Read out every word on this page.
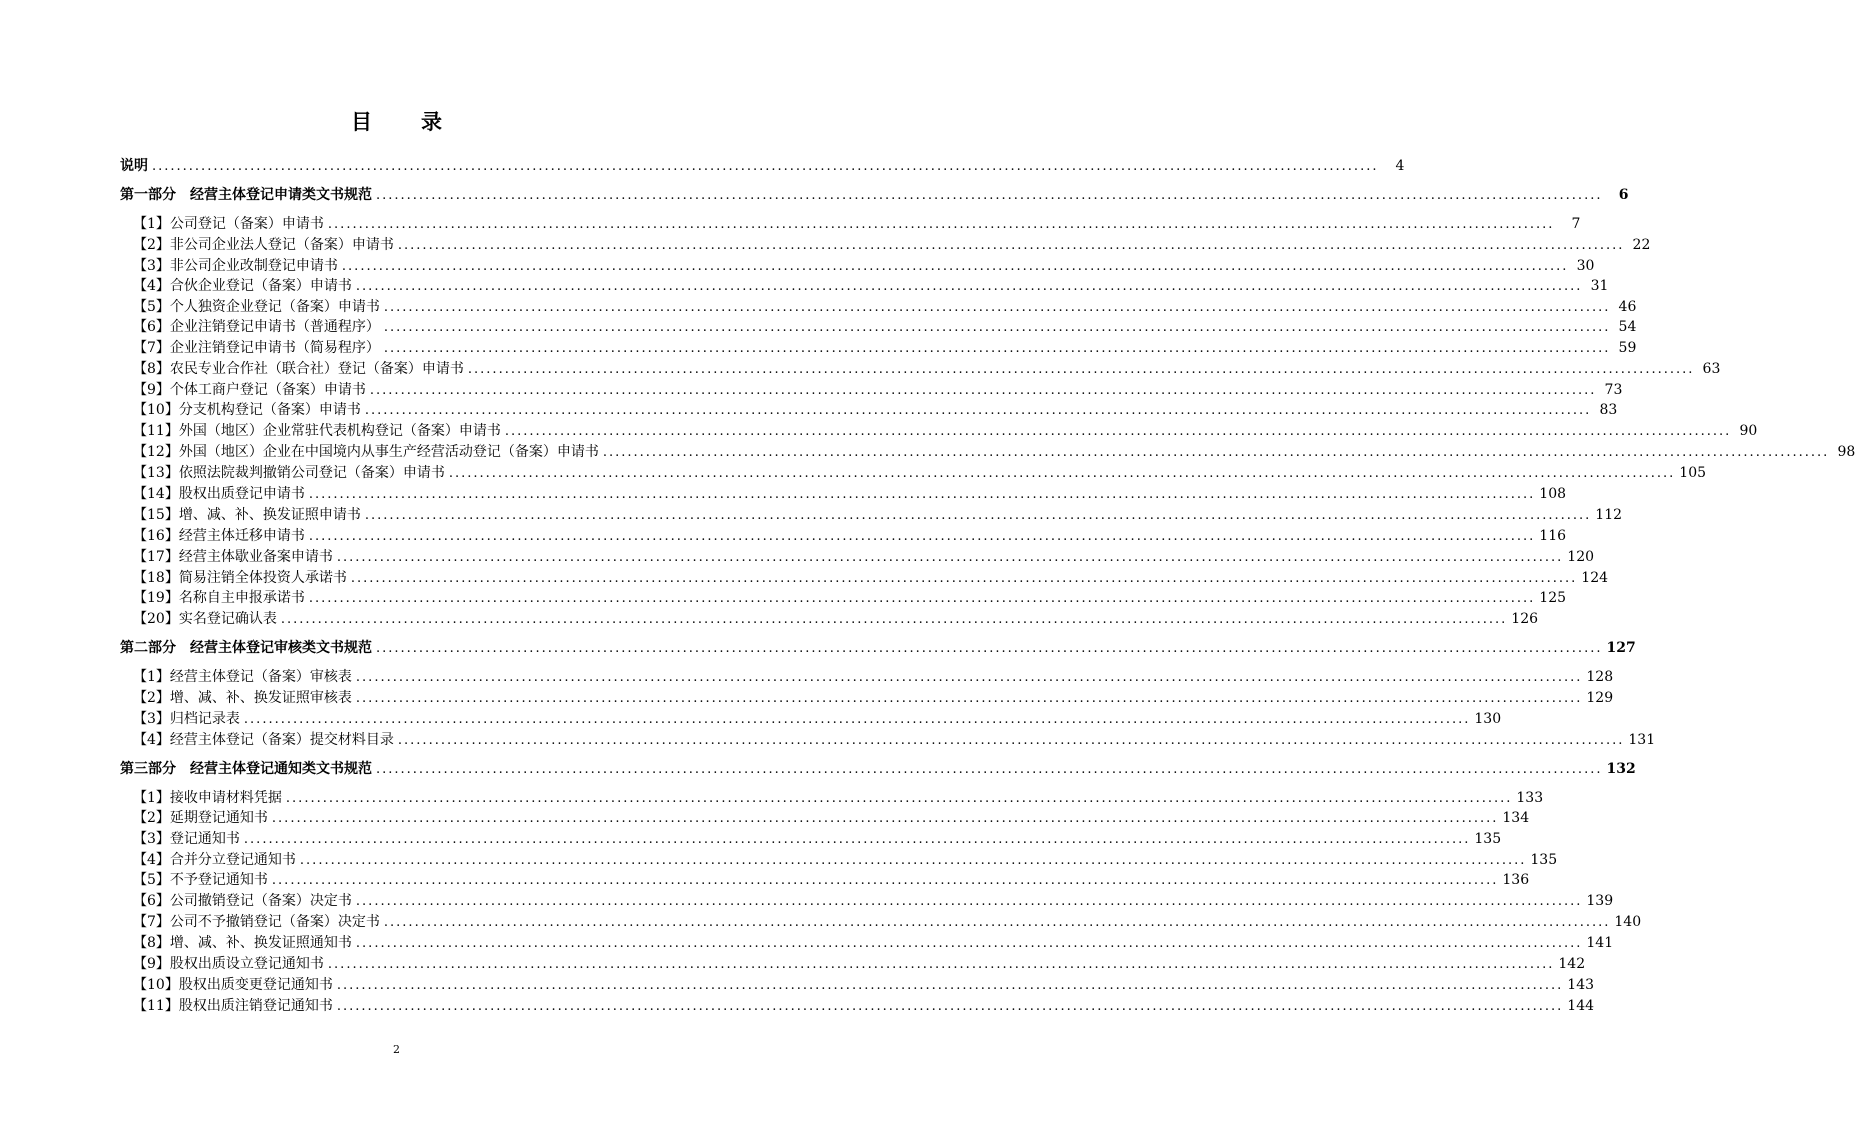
目　录
说明 ........................................................................................................................................................................................................	4
第一部分　经营主体登记申请类文书规范 ........................................................................................................................................................................................................	6
【1】公司登记（备案）申请书 ........................................................................................................................................................................................................	7
【2】非公司企业法人登记（备案）申请书 ........................................................................................................................................................................................................ 22
【3】非公司企业改制登记申请书 ........................................................................................................................................................................................................ 30
【4】合伙企业登记（备案）申请书 ........................................................................................................................................................................................................ 31
【5】个人独资企业登记（备案）申请书 ........................................................................................................................................................................................................ 46
【6】企业注销登记申请书（普通程序） ........................................................................................................................................................................................................ 54
【7】企业注销登记申请书（简易程序） ........................................................................................................................................................................................................ 59
【8】农民专业合作社（联合社）登记（备案）申请书 ........................................................................................................................................................................................................ 63
【9】个体工商户登记（备案）申请书 ........................................................................................................................................................................................................ 73
【10】分支机构登记（备案）申请书 ........................................................................................................................................................................................................ 83
【11】外国（地区）企业常驻代表机构登记（备案）申请书 ........................................................................................................................................................................................................ 90
【12】外国（地区）企业在中国境内从事生产经营活动登记（备案）申请书 ........................................................................................................................................................................................................ 98
【13】依照法院裁判撤销公司登记（备案）申请书 ........................................................................................................................................................................................................ 105
【14】股权出质登记申请书 ........................................................................................................................................................................................................ 108
【15】增、减、补、换发证照申请书 ........................................................................................................................................................................................................ 112
【16】经营主体迁移申请书 ........................................................................................................................................................................................................ 116
【17】经营主体歇业备案申请书 ........................................................................................................................................................................................................ 120
【18】简易注销全体投资人承诺书 ........................................................................................................................................................................................................ 124
【19】名称自主申报承诺书 ........................................................................................................................................................................................................ 125
【20】实名登记确认表 ........................................................................................................................................................................................................ 126
第二部分　经营主体登记审核类文书规范 ........................................................................................................................................................................................................ 127
【1】经营主体登记（备案）审核表 ........................................................................................................................................................................................................ 128
【2】增、减、补、换发证照审核表 ........................................................................................................................................................................................................ 129
【3】归档记录表 ........................................................................................................................................................................................................ 130
【4】经营主体登记（备案）提交材料目录 ........................................................................................................................................................................................................ 131
第三部分　经营主体登记通知类文书规范 ........................................................................................................................................................................................................ 132
【1】接收申请材料凭据 ........................................................................................................................................................................................................ 133
【2】延期登记通知书 ........................................................................................................................................................................................................ 134
【3】登记通知书 ........................................................................................................................................................................................................ 135
【4】合并分立登记通知书 ........................................................................................................................................................................................................ 135
【5】不予登记通知书 ........................................................................................................................................................................................................ 136
【6】公司撤销登记（备案）决定书 ........................................................................................................................................................................................................ 139
【7】公司不予撤销登记（备案）决定书 ........................................................................................................................................................................................................ 140
【8】增、减、补、换发证照通知书 ........................................................................................................................................................................................................ 141
【9】股权出质设立登记通知书 ........................................................................................................................................................................................................ 142
【10】股权出质变更登记通知书 ........................................................................................................................................................................................................ 143
【11】股权出质注销登记通知书 ........................................................................................................................................................................................................ 144
2
